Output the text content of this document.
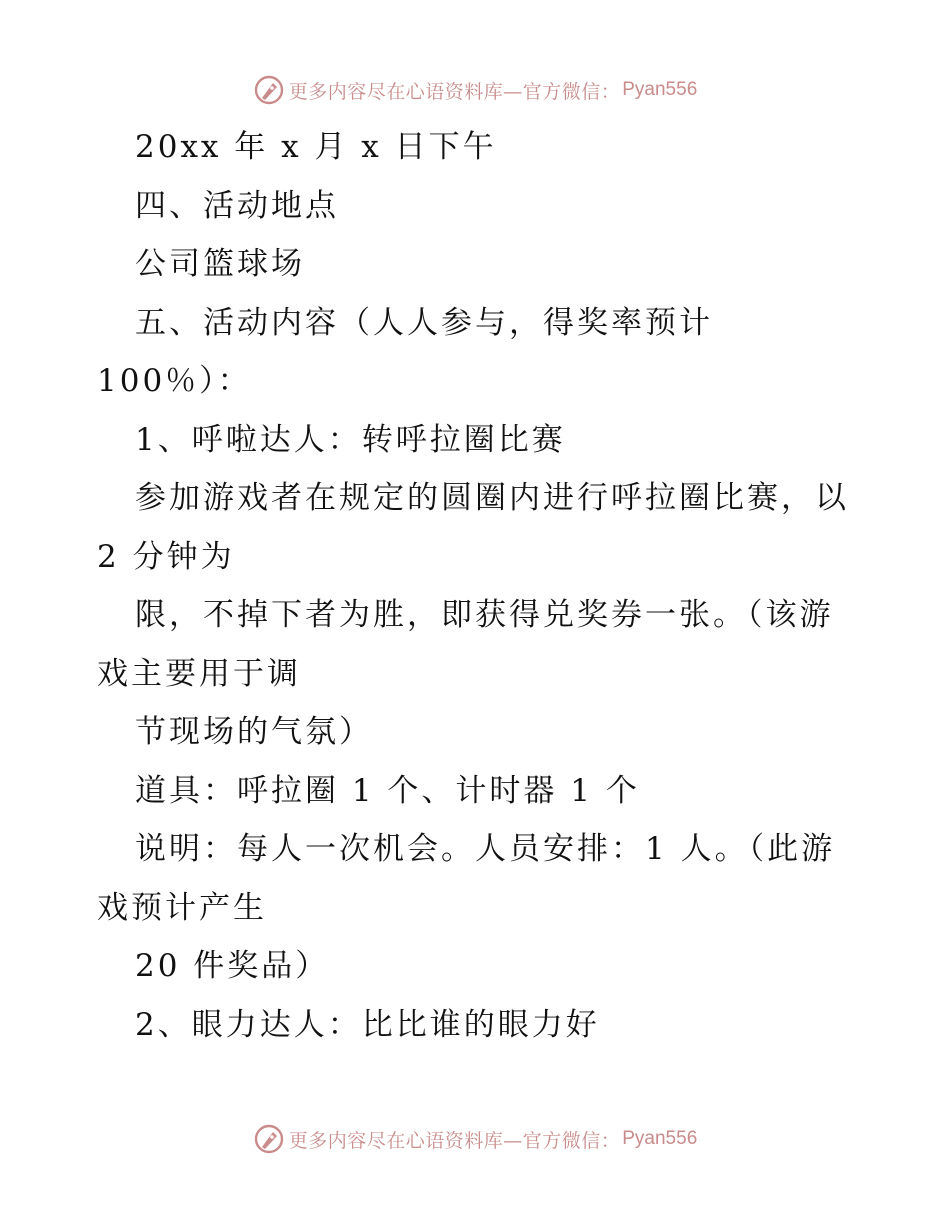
更多内容尽在心语资料库—官方微信： Pyan556
20xx 年 x 月 x 日下午
四、活动地点
公司篮球场
五、活动内容（人人参与，得奖率预计
100％）：
1、呼啦达人：转呼拉圈比赛
参加游戏者在规定的圆圈内进行呼拉圈比赛，以
2 分钟为
限，不掉下者为胜，即获得兑奖券一张。（该游
戏主要用于调
节现场的气氛）
道具：呼拉圈 1 个、计时器 1 个
说明：每人一次机会。人员安排：1 人。（此游
戏预计产生
20 件奖品）
2、眼力达人：比比谁的眼力好
更多内容尽在心语资料库—官方微信： Pyan556
